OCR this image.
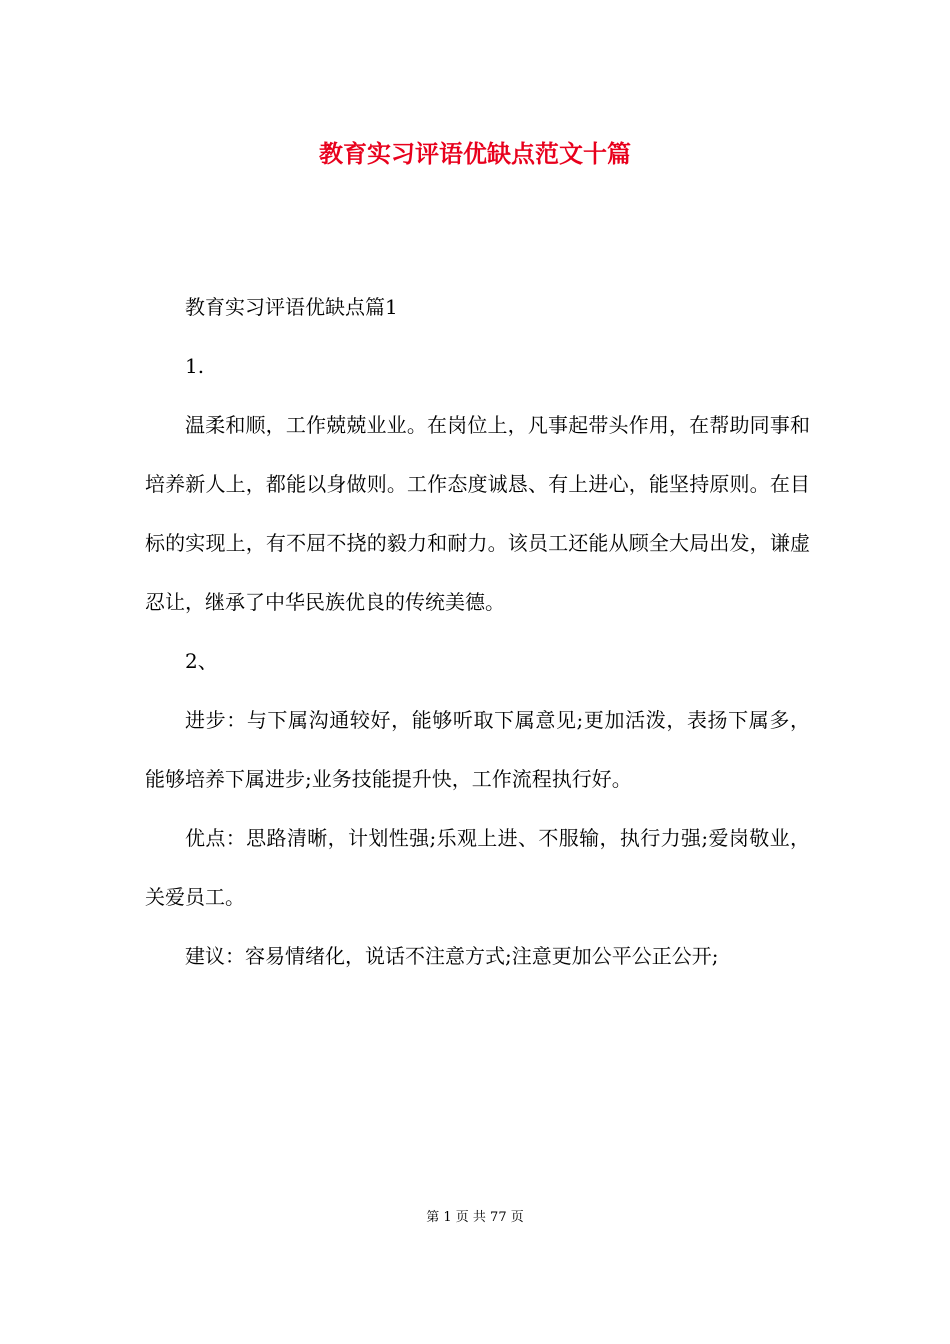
教育实习评语优缺点范文十篇

教育实习评语优缺点篇1

1.

温柔和顺，工作兢兢业业。在岗位上，凡事起带头作用，在帮助同事和培养新人上，都能以身做则。工作态度诚恳、有上进心，能坚持原则。在目标的实现上，有不屈不挠的毅力和耐力。该员工还能从顾全大局出发，谦虚忍让，继承了中华民族优良的传统美德。

2、

进步：与下属沟通较好，能够听取下属意见;更加活泼，表扬下属多，能够培养下属进步;业务技能提升快，工作流程执行好。

优点：思路清晰，计划性强;乐观上进、不服输，执行力强;爱岗敬业，关爱员工。

建议：容易情绪化，说话不注意方式;注意更加公平公正公开;

第 1 页 共 77 页
